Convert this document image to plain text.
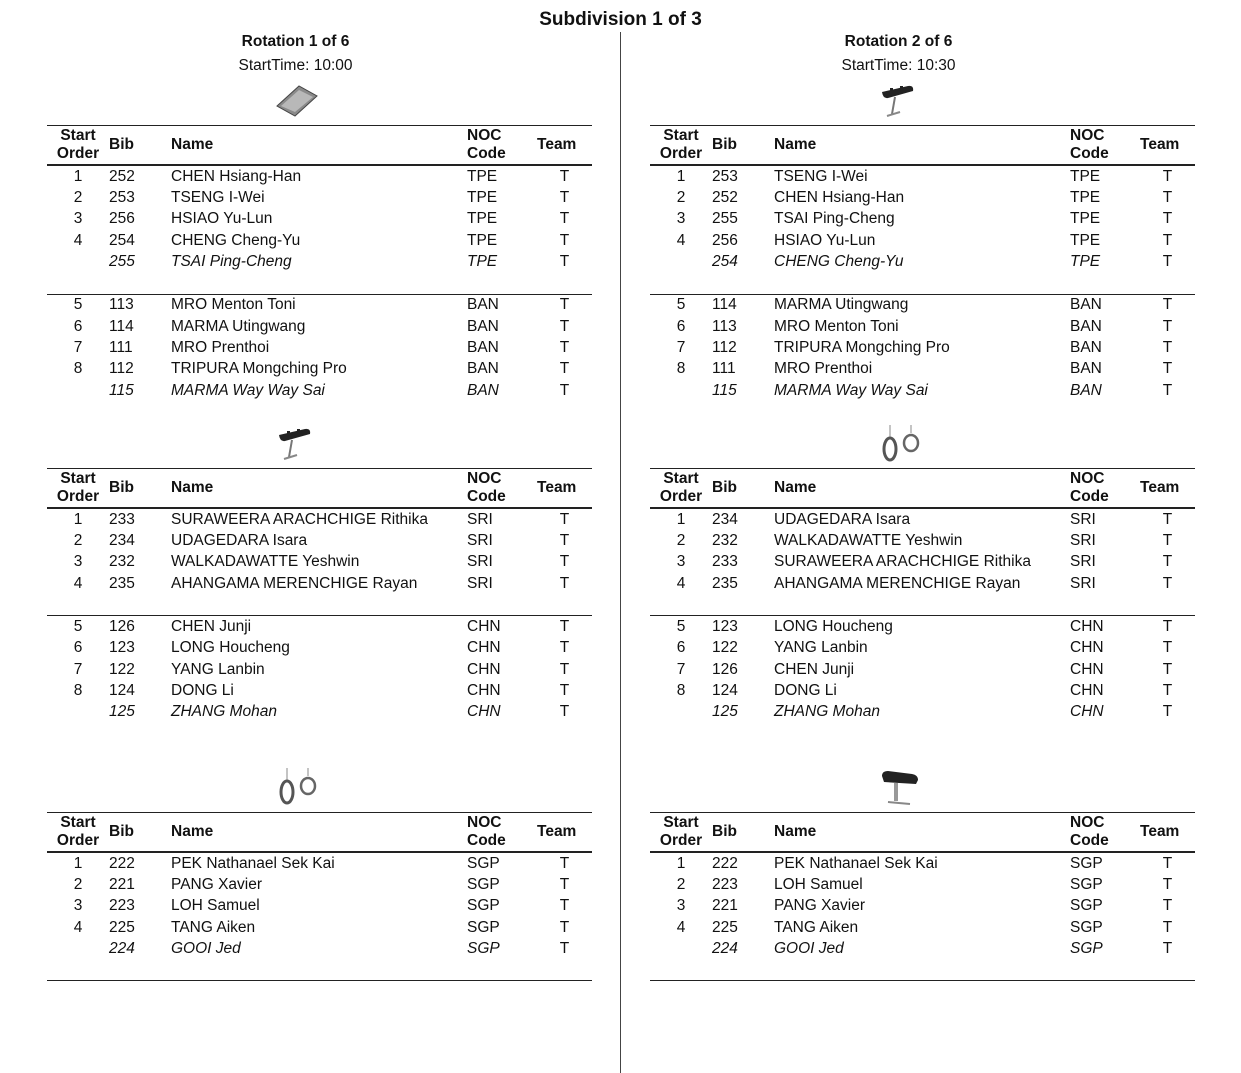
Subdivision 1 of 3
Rotation 1 of 6
StartTime: 10:00
Start
Order	Bib	Name	NOC
Code	Team
1	252	CHEN Hsiang-Han	TPE	T
2	253	TSENG I-Wei	TPE	T
3	256	HSIAO Yu-Lun	TPE	T
4	254	CHENG Cheng-Yu	TPE	T
	255	TSAI Ping-Cheng	TPE	T

5	113	MRO Menton Toni	BAN	T
6	114	MARMA Utingwang	BAN	T
7	111	MRO Prenthoi	BAN	T
8	112	TRIPURA Mongching Pro	BAN	T
	115	MARMA Way Way Sai	BAN	T

Start
Order	Bib	Name	NOC
Code	Team
1	233	SURAWEERA ARACHCHIGE Rithika	SRI	T
2	234	UDAGEDARA Isara	SRI	T
3	232	WALKADAWATTE Yeshwin	SRI	T
4	235	AHANGAMA MERENCHIGE Rayan	SRI	T

5	126	CHEN Junji	CHN	T
6	123	LONG Houcheng	CHN	T
7	122	YANG Lanbin	CHN	T
8	124	DONG Li	CHN	T
	125	ZHANG Mohan	CHN	T

Start
Order	Bib	Name	NOC
Code	Team
1	222	PEK Nathanael Sek Kai	SGP	T
2	221	PANG Xavier	SGP	T
3	223	LOH Samuel	SGP	T
4	225	TANG Aiken	SGP	T
	224	GOOI Jed	SGP	T

Rotation 2 of 6
StartTime: 10:30
Start
Order	Bib	Name	NOC
Code	Team
1	253	TSENG I-Wei	TPE	T
2	252	CHEN Hsiang-Han	TPE	T
3	255	TSAI Ping-Cheng	TPE	T
4	256	HSIAO Yu-Lun	TPE	T
	254	CHENG Cheng-Yu	TPE	T

5	114	MARMA Utingwang	BAN	T
6	113	MRO Menton Toni	BAN	T
7	112	TRIPURA Mongching Pro	BAN	T
8	111	MRO Prenthoi	BAN	T
	115	MARMA Way Way Sai	BAN	T

Start
Order	Bib	Name	NOC
Code	Team
1	234	UDAGEDARA Isara	SRI	T
2	232	WALKADAWATTE Yeshwin	SRI	T
3	233	SURAWEERA ARACHCHIGE Rithika	SRI	T
4	235	AHANGAMA MERENCHIGE Rayan	SRI	T

5	123	LONG Houcheng	CHN	T
6	122	YANG Lanbin	CHN	T
7	126	CHEN Junji	CHN	T
8	124	DONG Li	CHN	T
	125	ZHANG Mohan	CHN	T

Start
Order	Bib	Name	NOC
Code	Team
1	222	PEK Nathanael Sek Kai	SGP	T
2	223	LOH Samuel	SGP	T
3	221	PANG Xavier	SGP	T
4	225	TANG Aiken	SGP	T
	224	GOOI Jed	SGP	T
